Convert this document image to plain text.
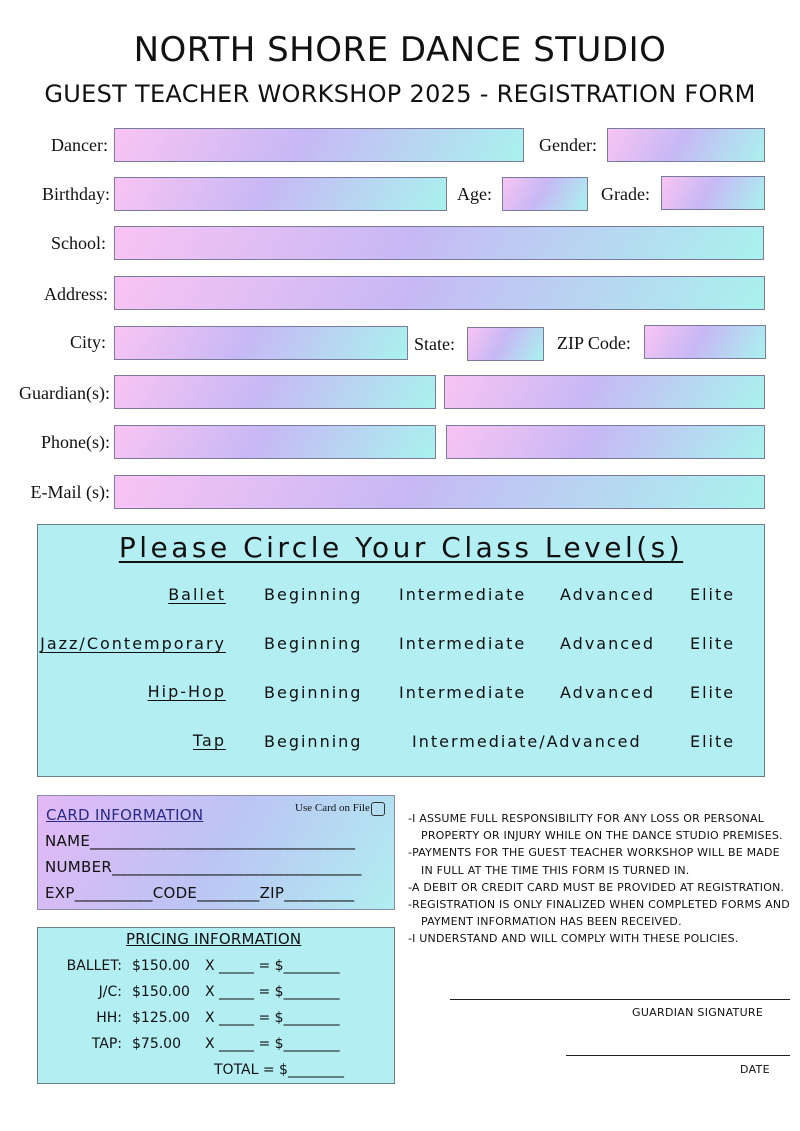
NORTH SHORE DANCE STUDIO
GUEST TEACHER WORKSHOP 2025 - REGISTRATION FORM
Dancer:	Gender:
Birthday:	Age:	Grade:
School:
Address:
City:	State:	ZIP Code:
Guardian(s):
Phone(s):
E-Mail (s):
Please Circle Your Class Level(s)
Ballet Beginning Intermediate Advanced Elite
Jazz/Contemporary Beginning Intermediate Advanced Elite
Hip-Hop Beginning Intermediate Advanced Elite
Tap Beginning	Intermediate/Advanced	Elite
CARD INFORMATION	Use Card on File
NAME__________________________________
NUMBER________________________________
EXP__________CODE________ZIP_________
PRICING INFORMATION
BALLET: $150.00 X _____ = $________
J/C: $150.00 X _____ = $________
HH: $125.00 X _____ = $________
TAP: $75.00 X _____ = $________
TOTAL = $________
-I ASSUME FULL RESPONSIBILITY FOR ANY LOSS OR PERSONAL
PROPERTY OR INJURY WHILE ON THE DANCE STUDIO PREMISES.
-PAYMENTS FOR THE GUEST TEACHER WORKSHOP WILL BE MADE
IN FULL AT THE TIME THIS FORM IS TURNED IN.
-A DEBIT OR CREDIT CARD MUST BE PROVIDED AT REGISTRATION.
-REGISTRATION IS ONLY FINALIZED WHEN COMPLETED FORMS AND
PAYMENT INFORMATION HAS BEEN RECEIVED.
-I UNDERSTAND AND WILL COMPLY WITH THESE POLICIES.
GUARDIAN SIGNATURE
DATE
